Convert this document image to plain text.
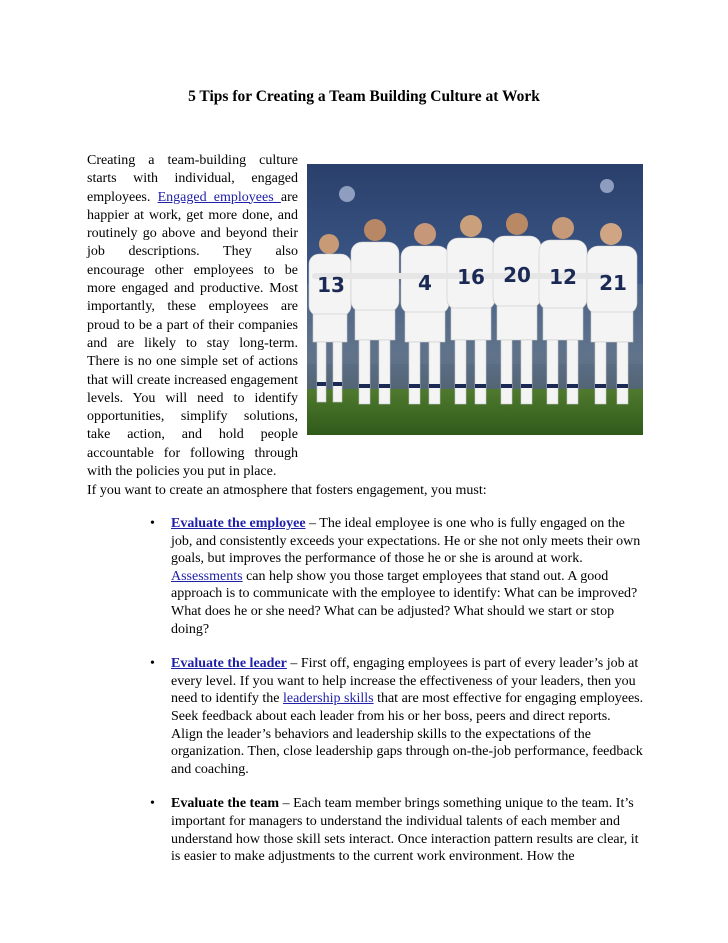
5 Tips for Creating a Team Building Culture at Work

Creating a team-building culture starts with individual, engaged employees. Engaged employees are happier at work, get more done, and routinely go above and beyond their job descriptions. They also encourage other employees to be more engaged and productive. Most importantly, these employees are proud to be a part of their companies and are likely to stay long-term. There is no one simple set of actions that will create increased engagement levels. You will need to identify opportunities, simplify solutions, take action, and hold people accountable for following through with the policies you put in place.

13	4 16 20 12 21

If you want to create an atmosphere that fosters engagement, you must:

• Evaluate the employee – The ideal employee is one who is fully engaged on the job, and consistently exceeds your expectations. He or she not only meets their own goals, but improves the performance of those he or she is around at work. Assessments can help show you those target employees that stand out. A good approach is to communicate with the employee to identify: What can be improved? What does he or she need? What can be adjusted? What should we start or stop doing?
• Evaluate the leader – First off, engaging employees is part of every leader’s job at every level. If you want to help increase the effectiveness of your leaders, then you need to identify the leadership skills that are most effective for engaging employees. Seek feedback about each leader from his or her boss, peers and direct reports. Align the leader’s behaviors and leadership skills to the expectations of the organization. Then, close leadership gaps through on-the-job performance, feedback and coaching.
• Evaluate the team – Each team member brings something unique to the team. It’s important for managers to understand the individual talents of each member and understand how those skill sets interact. Once interaction pattern results are clear, it is easier to make adjustments to the current work environment. How the
